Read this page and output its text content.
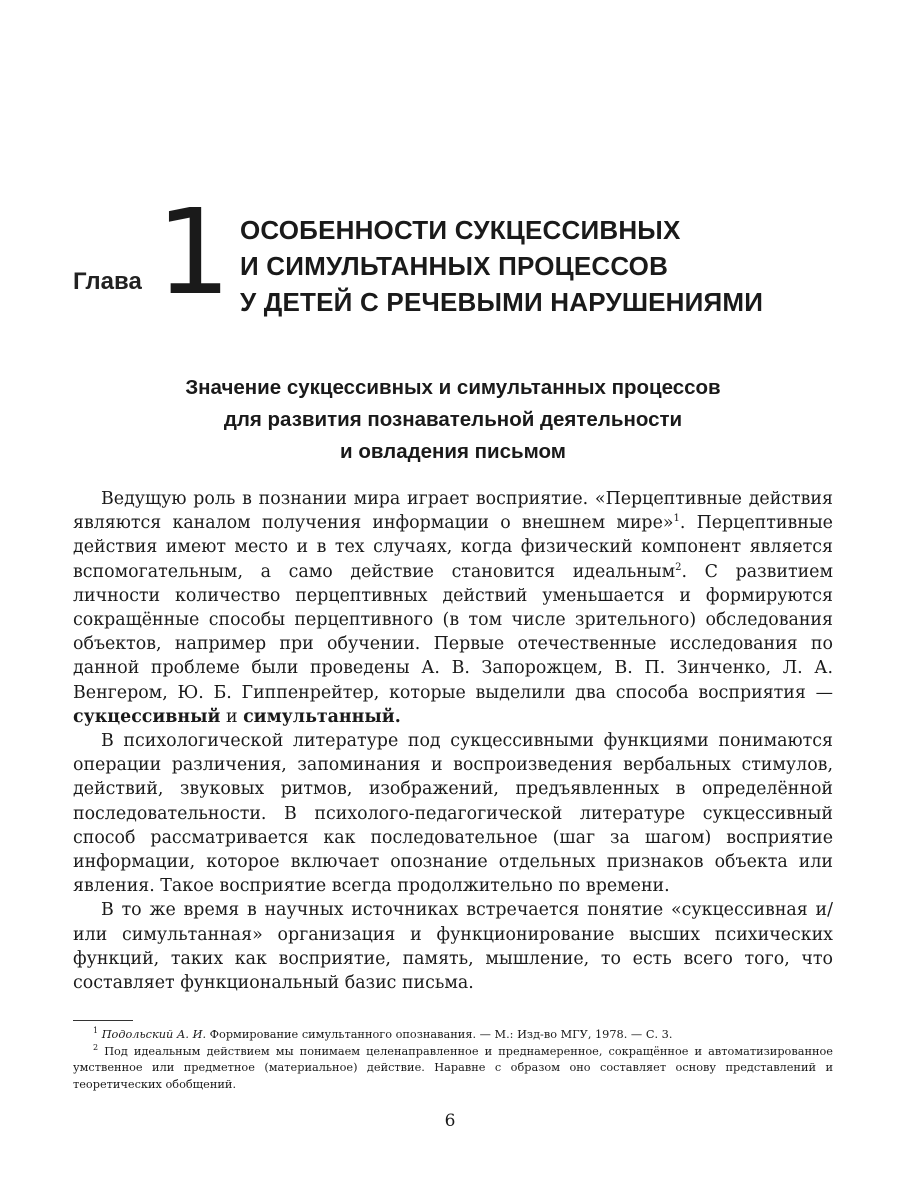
Глава 1 ОСОБЕННОСТИ СУКЦЕССИВНЫХ
И СИМУЛЬТАННЫХ ПРОЦЕССОВ
У ДЕТЕЙ С РЕЧЕВЫМИ НАРУШЕНИЯМИ
Значение сукцессивных и симультанных процессов
для развития познавательной деятельности
и овладения письмом

Ведущую роль в познании мира играет восприятие. «Перцептивные действия являются каналом получения информации о внешнем мире»$^1$. Перцептивные действия имеют место и в тех случаях, когда физический компонент является вспомогательным, а само действие становится идеальным$^2$. С развитием личности количество перцептивных действий уменьшается и формируются сокращённые способы перцептивного (в том числе зрительного) обследования объектов, например при обучении. Первые отечественные исследования по данной проблеме были проведены А. В. Запорожцем, В. П. Зинченко, Л. А. Венгером, Ю. Б. Гиппенрейтер, которые выделили два способа восприятия — сукцессивный и симультанный.

В психологической литературе под сукцессивными функциями понимаются операции различения, запоминания и воспроизведения вербальных стимулов, действий, звуковых ритмов, изображений, предъявленных в определённой последовательности. В психолого-педагогической литературе сукцессивный способ рассматривается как последовательное (шаг за шагом) восприятие информации, которое включает опознание отдельных признаков объекта или явления. Такое восприятие всегда продолжительно по времени.

В то же время в научных источниках встречается понятие «сукцессивная и/или симультанная» организация и функционирование высших психических функций, таких как восприятие, память, мышление, то есть всего того, что составляет функциональный базис письма.

$^1$ Подольский А. И. Формирование симультанного опознавания. — М.: Изд-во МГУ, 1978. — С. 3.

$^2$ Под идеальным действием мы понимаем целенаправленное и преднамеренное, сокращённое и автоматизированное умственное или предметное (материальное) действие. Наравне с образом оно составляет основу представлений и теоретических обобщений.

6
